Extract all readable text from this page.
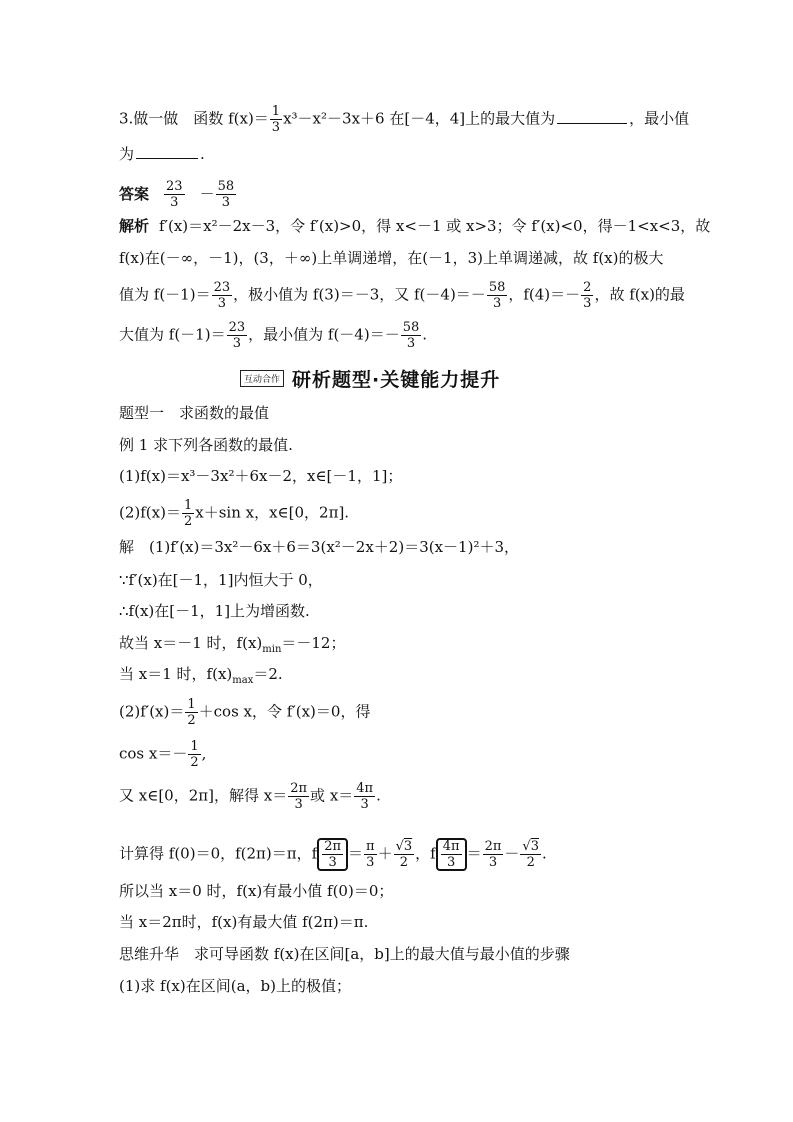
3.做一做　函数 $f(x)= \frac{1}{3} x^3-x^2-3x+6$ 在[－4，4]上的最大值为	，最小值
为	.
答案 $\frac{23}{3} - \frac{58}{3}$
解析 f′(x)＝x²－2x－3，令 f′(x)>0，得 x<－1 或 x>3；令 f′(x)<0，得－1<x<3，故
f(x)在(－∞，－1)，(3，＋∞)上单调递增，在(－1，3)上单调递减，故 f(x)的极大
值为 $f(-1)= \frac{23}{3}$ ，极小值为 f(3)＝－3，又 $f(-4)=- \frac{58}{3}$ ，$f(4)=- \frac{2}{3}$ ，故 f(x)的最
大值为 $f(-1)= \frac{23}{3}$ ，最小值为 $f(-4)=- \frac{58}{3}$ .
互动合作 研析题型·关键能力提升
题型一　求函数的最值
例 1 求下列各函数的最值.
(1)f(x)＝x³－3x²＋6x－2，x∈[－1，1]；
$(2)f(x)= \frac{1}{2} x+\sin$ x，x∈[0，2π].
解　(1)f′(x)＝3x²－6x＋6＝3(x²－2x＋2)＝3(x－1)²＋3，
∵f′(x)在[－1，1]内恒大于 0，
∴f(x)在[－1，1]上为增函数.
故当 x＝－1 时，$f(x)_{min}=-12$；
当 x＝1 时，$f(x)_{max}=2$.
$(2)f'(x)= \frac{1}{2} +\cos$ x，令 f′(x)＝0，得
$\cos x=- \frac{1}{2}$ ,
又 x∈[0，2π]，解得 $x= \frac{2\pi}{3}$ 或 $x= \frac{4\pi}{3}$ .
计算得 f(0)＝0，f(2π)＝π，f $\frac{2\pi}{3} = \frac{\pi}{3} + \frac{√3}{2}$ ，f $\frac{4\pi}{3} = \frac{2\pi}{3} - \frac{√3}{2}$ .
所以当 x＝0 时，f(x)有最小值 f(0)＝0；
当 x＝2π时，f(x)有最大值 f(2π)＝π.
思维升华　求可导函数 f(x)在区间[a，b]上的最大值与最小值的步骤
(1)求 f(x)在区间(a，b)上的极值；
